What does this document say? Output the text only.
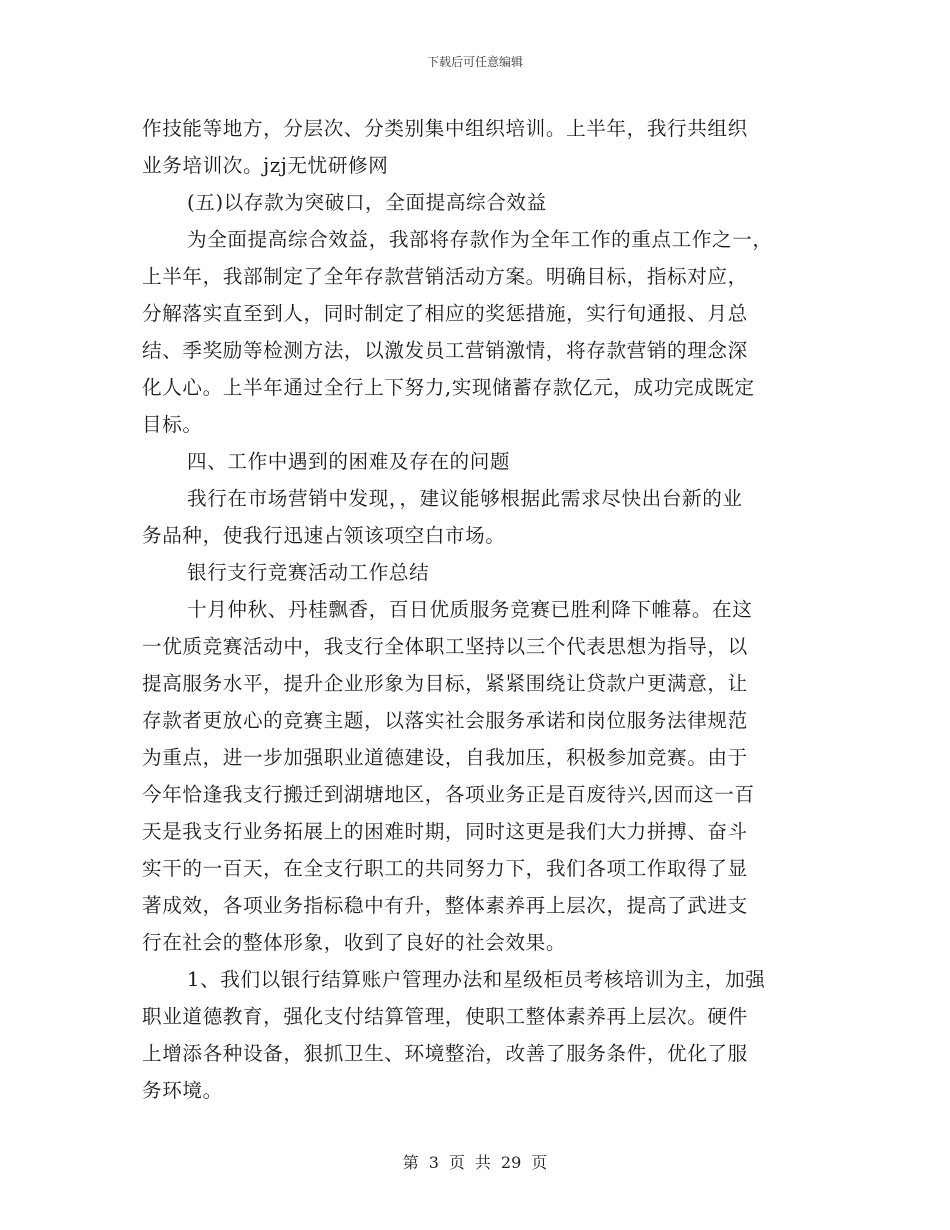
下载后可任意编辑
作技能等地方，分层次、分类别集中组织培训。上半年，我行共组织
业务培训次。jzj无忧研修网
(五)以存款为突破口，全面提高综合效益
为全面提高综合效益，我部将存款作为全年工作的重点工作之一，
上半年，我部制定了全年存款营销活动方案。明确目标，指标对应，
分解落实直至到人，同时制定了相应的奖惩措施，实行旬通报、月总
结、季奖励等检测方法，以激发员工营销激情，将存款营销的理念深
化人心。上半年通过全行上下努力,实现储蓄存款亿元，成功完成既定
目标。
四、工作中遇到的困难及存在的问题
我行在市场营销中发现，，建议能够根据此需求尽快出台新的业
务品种，使我行迅速占领该项空白市场。
银行支行竞赛活动工作总结
十月仲秋、丹桂飘香，百日优质服务竞赛已胜利降下帷幕。在这
一优质竞赛活动中，我支行全体职工坚持以三个代表思想为指导，以
提高服务水平，提升企业形象为目标，紧紧围绕让贷款户更满意，让
存款者更放心的竞赛主题，以落实社会服务承诺和岗位服务法律规范
为重点，进一步加强职业道德建设，自我加压，积极参加竞赛。由于
今年恰逢我支行搬迁到湖塘地区，各项业务正是百废待兴,因而这一百
天是我支行业务拓展上的困难时期，同时这更是我们大力拼搏、奋斗
实干的一百天，在全支行职工的共同努力下，我们各项工作取得了显
著成效，各项业务指标稳中有升，整体素养再上层次，提高了武进支
行在社会的整体形象，收到了良好的社会效果。
1、我们以银行结算账户管理办法和星级柜员考核培训为主，加强
职业道德教育，强化支付结算管理，使职工整体素养再上层次。硬件
上增添各种设备，狠抓卫生、环境整治，改善了服务条件，优化了服
务环境。
第 3 页 共 29 页
